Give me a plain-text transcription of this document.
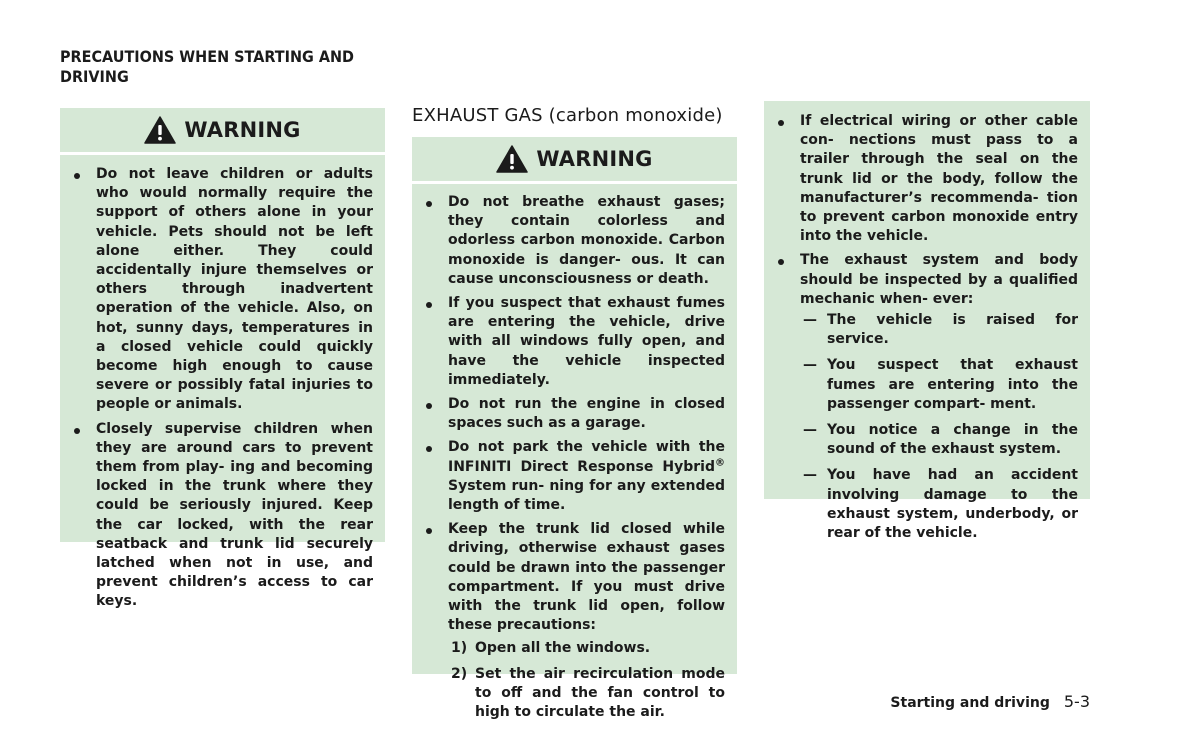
PRECAUTIONS WHEN STARTING AND DRIVING
WARNING
Do not leave children or adults who would normally require the support of others alone in your vehicle. Pets should not be left alone either. They could accidentally injure themselves or others through inadvertent operation of the vehicle. Also, on hot, sunny days, temperatures in a closed vehicle could quickly become high enough to cause severe or possibly fatal injuries to people or animals.
Closely supervise children when they are around cars to prevent them from play- ing and becoming locked in the trunk where they could be seriously injured. Keep the car locked, with the rear seatback and trunk lid securely latched when not in use, and prevent children’s access to car keys.
EXHAUST GAS (carbon monoxide)
WARNING
Do not breathe exhaust gases; they contain colorless and odorless carbon monoxide. Carbon monoxide is danger- ous. It can cause unconsciousness or death.
If you suspect that exhaust fumes are entering the vehicle, drive with all windows fully open, and have the vehicle inspected immediately.
Do not run the engine in closed spaces such as a garage.
Do not park the vehicle with the INFINITI Direct Response Hybrid® System run- ning for any extended length of time.
Keep the trunk lid closed while driving, otherwise exhaust gases could be drawn into the passenger compartment. If you must drive with the trunk lid open, follow these precautions:
1) Open all the windows.
2) Set the air recirculation mode to off and the fan control to high to circulate the air.
If electrical wiring or other cable con- nections must pass to a trailer through the seal on the trunk lid or the body, follow the manufacturer’s recommenda- tion to prevent carbon monoxide entry into the vehicle.
The exhaust system and body should be inspected by a qualified mechanic when- ever:
— The vehicle is raised for service.
— You suspect that exhaust fumes are entering into the passenger compart- ment.
— You notice a change in the sound of the exhaust system.
— You have had an accident involving damage to the exhaust system, underbody, or rear of the vehicle.
Starting and driving 5-3
